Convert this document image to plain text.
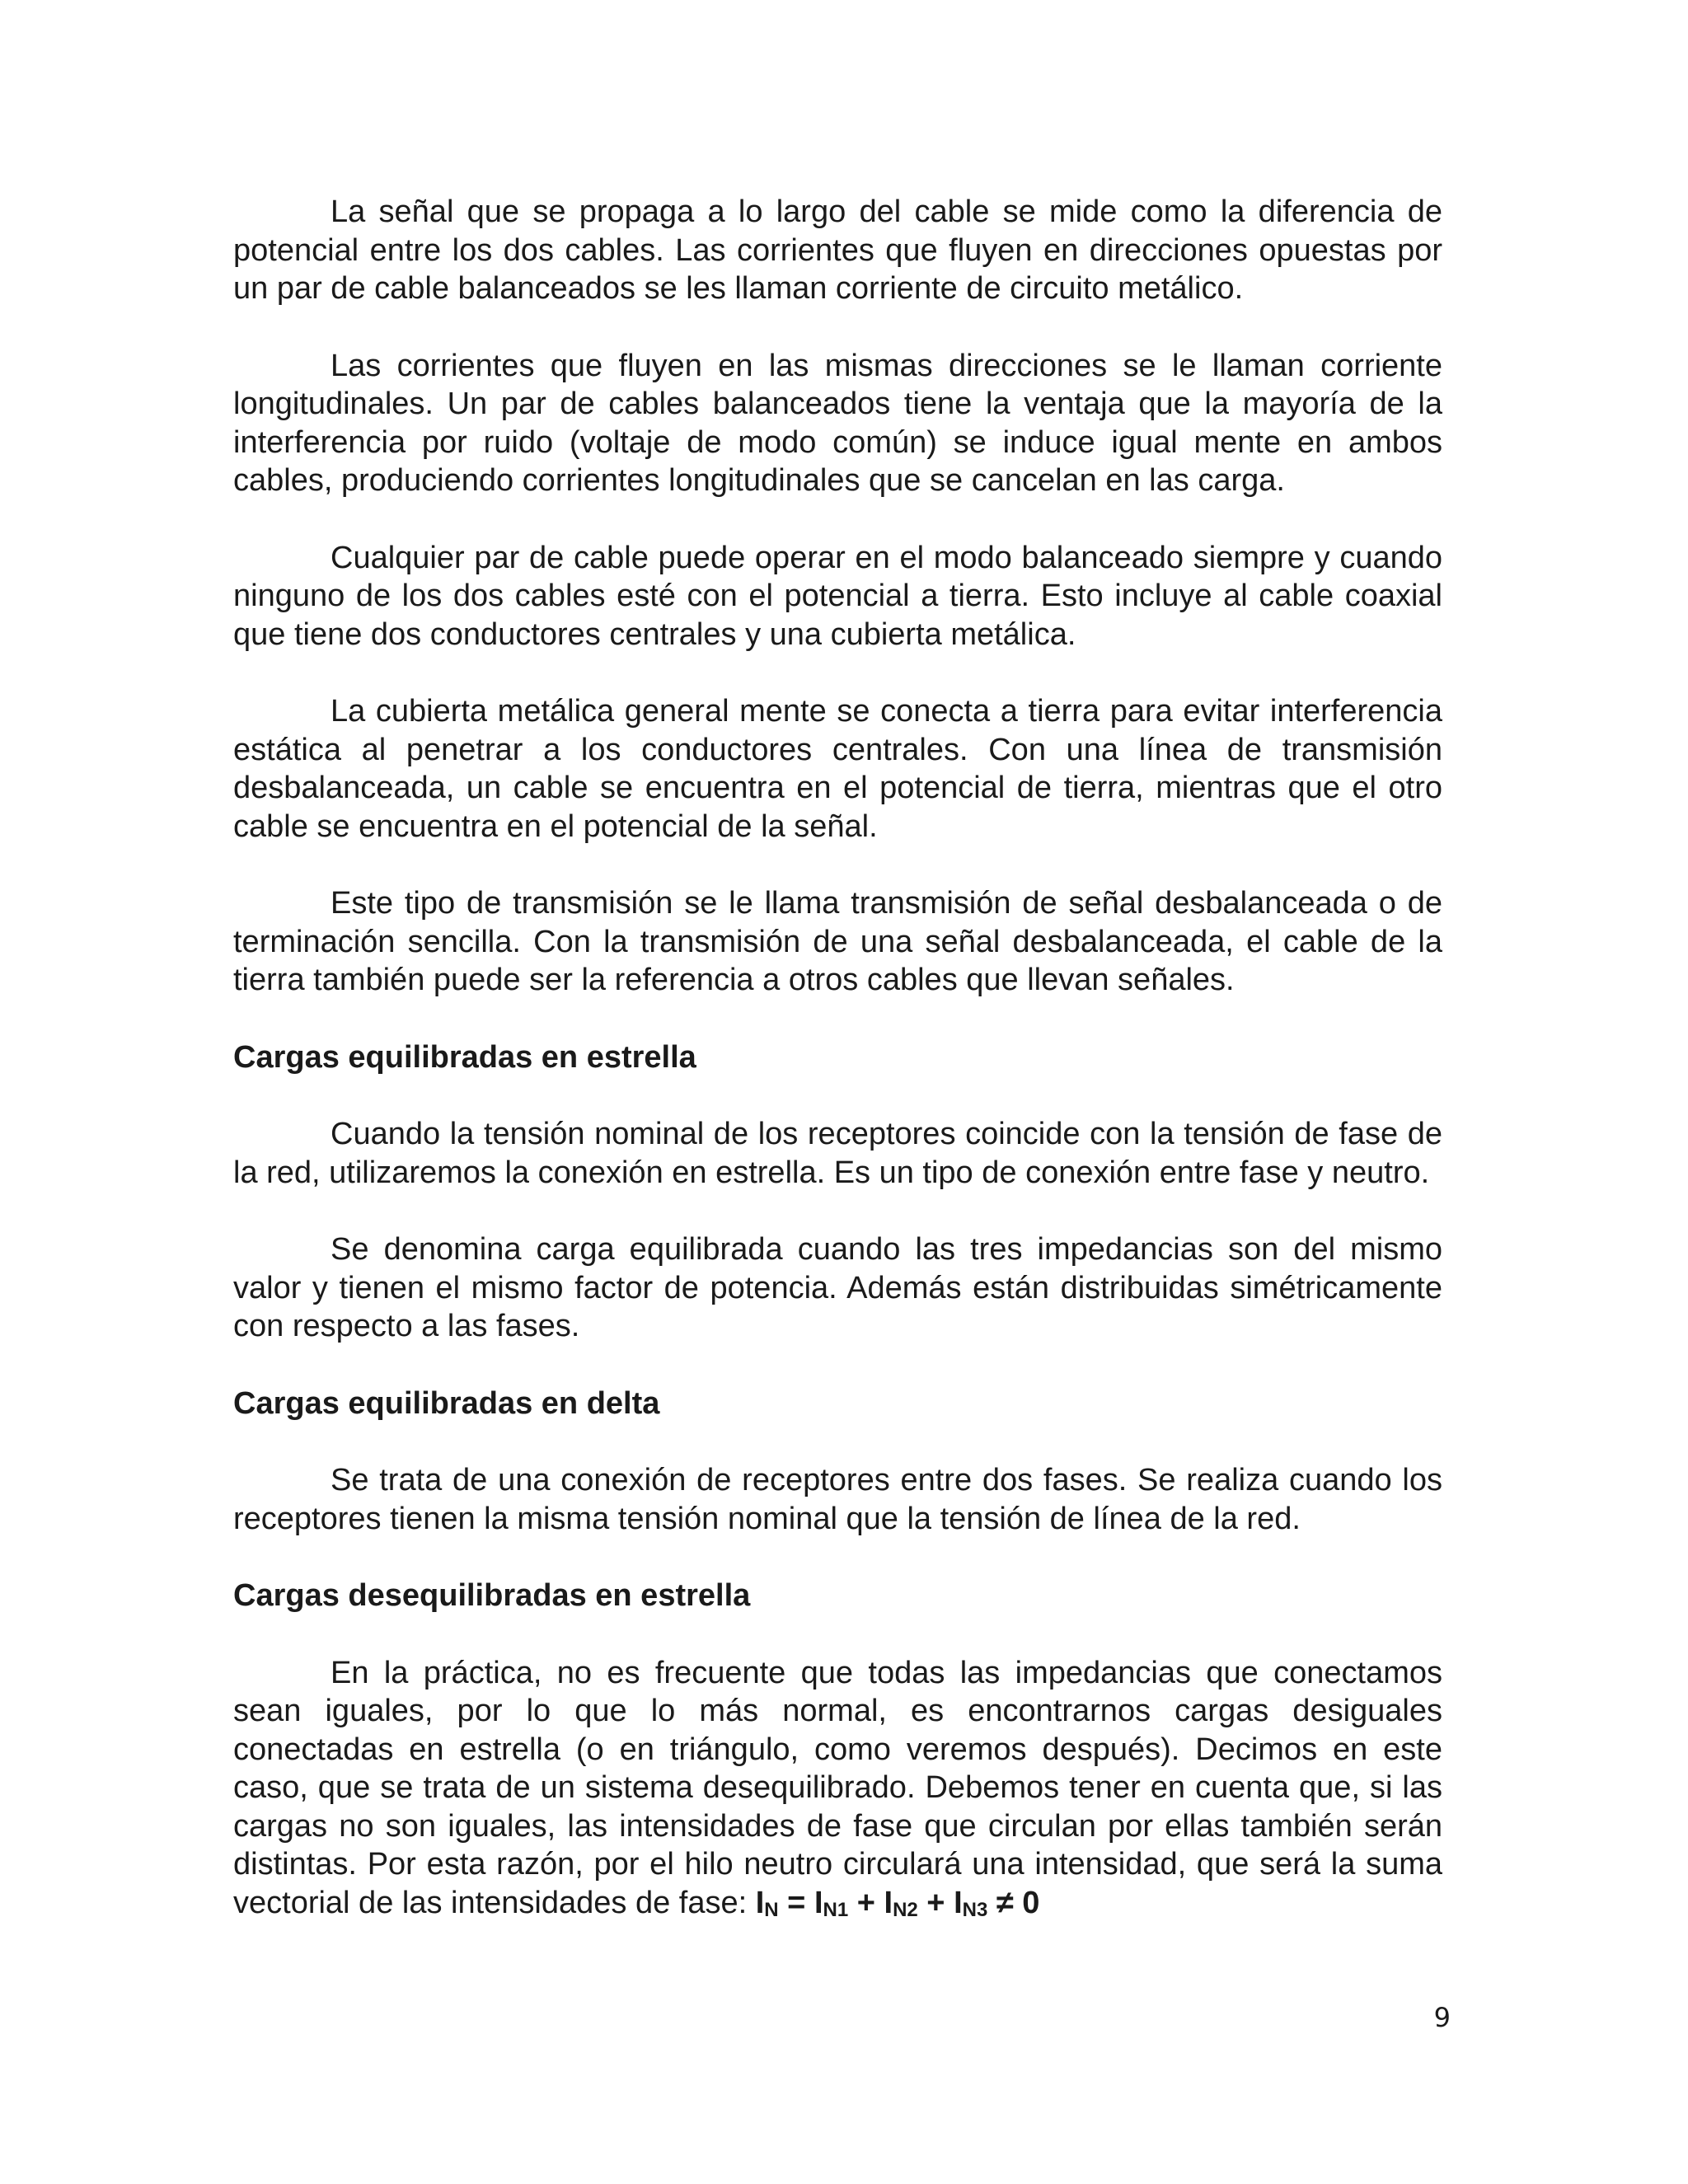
La señal que se propaga a lo largo del cable se mide como la diferencia de potencial entre los dos cables. Las corrientes que fluyen en direcciones opuestas por un par de cable balanceados se les llaman corriente de circuito metálico.

Las corrientes que fluyen en las mismas direcciones se le llaman corriente longitudinales. Un par de cables balanceados tiene la ventaja que la mayoría de la interferencia por ruido (voltaje de modo común) se induce igual mente en ambos cables, produciendo corrientes longitudinales que se cancelan en las carga.

Cualquier par de cable puede operar en el modo balanceado siempre y cuando ninguno de los dos cables esté con el potencial a tierra. Esto incluye al cable coaxial que tiene dos conductores centrales y una cubierta metálica.

La cubierta metálica general mente se conecta a tierra para evitar interferencia estática al penetrar a los conductores centrales. Con una línea de transmisión desbalanceada, un cable se encuentra en el potencial de tierra, mientras que el otro cable se encuentra en el potencial de la señal.

Este tipo de transmisión se le llama transmisión de señal desbalanceada o de terminación sencilla. Con la transmisión de una señal desbalanceada, el cable de la tierra también puede ser la referencia a otros cables que llevan señales.

Cargas equilibradas en estrella

Cuando la tensión nominal de los receptores coincide con la tensión de fase de la red, utilizaremos la conexión en estrella. Es un tipo de conexión entre fase y neutro.

Se denomina carga equilibrada cuando las tres impedancias son del mismo valor y tienen el mismo factor de potencia. Además están distribuidas simétricamente con respecto a las fases.

Cargas equilibradas en delta

Se trata de una conexión de receptores entre dos fases. Se realiza cuando los receptores tienen la misma tensión nominal que la tensión de línea de la red.

Cargas desequilibradas en estrella

En la práctica, no es frecuente que todas las impedancias que conectamos sean iguales, por lo que lo más normal, es encontrarnos cargas desiguales conectadas en estrella (o en triángulo, como veremos después). Decimos en este caso, que se trata de un sistema desequilibrado. Debemos tener en cuenta que, si las cargas no son iguales, las intensidades de fase que circulan por ellas también serán distintas. Por esta razón, por el hilo neutro circulará una intensidad, que será la suma vectorial de las intensidades de fase: $I_N = I_{N1} + I_{N2} + I_{N3} \ne 0$

9
